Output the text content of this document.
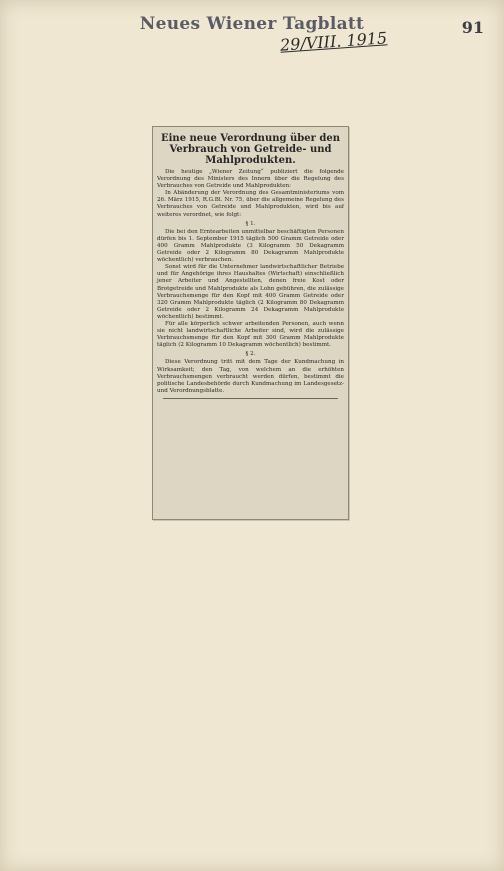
Neues Wiener Tagblatt	91
29/VIII. 1915
Eine neue Verordnung über den Verbrauch von Getreide- und Mahlprodukten.

Die heutige „Wiener Zeitung“ publiziert die folgende Verordnung des Ministers des Innern über die Regelung des Verbrauches von Getreide und Mahlprodukten:

In Abänderung der Verordnung des Gesamtministeriums vom 26. März 1915, R.G.Bl. Nr. 75, über die allgemeine Regelung des Verbrauches von Getreide und Mahlprodukten, wird bis auf weiteres verordnet, wie folgt:

§ 1.

Die bei den Erntearbeiten unmittelbar beschäftigten Personen dürfen bis 1. September 1915 täglich 500 Gramm Getreide oder 400 Gramm Mahlprodukte (3 Kilogramm 50 Dekagramm Getreide oder 2 Kilogramm 80 Dekagramm Mahlprodukte wöchentlich) verbrauchen.

Sonst wird für die Unternehmer landwirtschaftlicher Betriebe und für Angehörige ihres Haushaltes (Wirtschaft) einschließlich jener Arbeiter und Angestellten, denen freie Kost oder Brotgetreide und Mahlprodukte als Lohn gebühren, die zulässige Verbrauchsmenge für den Kopf mit 400 Gramm Getreide oder 320 Gramm Mahlprodukte täglich (2 Kilogramm 80 Dekagramm Getreide oder 2 Kilogramm 24 Dekagramm Mahlprodukte wöchentlich) bestimmt.

Für alle körperlich schwer arbeitenden Personen, auch wenn sie nicht landwirtschaftliche Arbeiter sind, wird die zulässige Verbrauchsmenge für den Kopf mit 300 Gramm Mahlprodukte täglich (2 Kilogramm 10 Dekagramm wöchentlich) bestimmt.

§ 2.

Diese Verordnung tritt mit dem Tage der Kundmachung in Wirksamkeit; den Tag, von welchem an die erhöhten Verbrauchsmengen verbraucht werden dürfen, bestimmt die politische Landesbehörde durch Kundmachung im Landesgesetz- und Verordnungsblatte.
